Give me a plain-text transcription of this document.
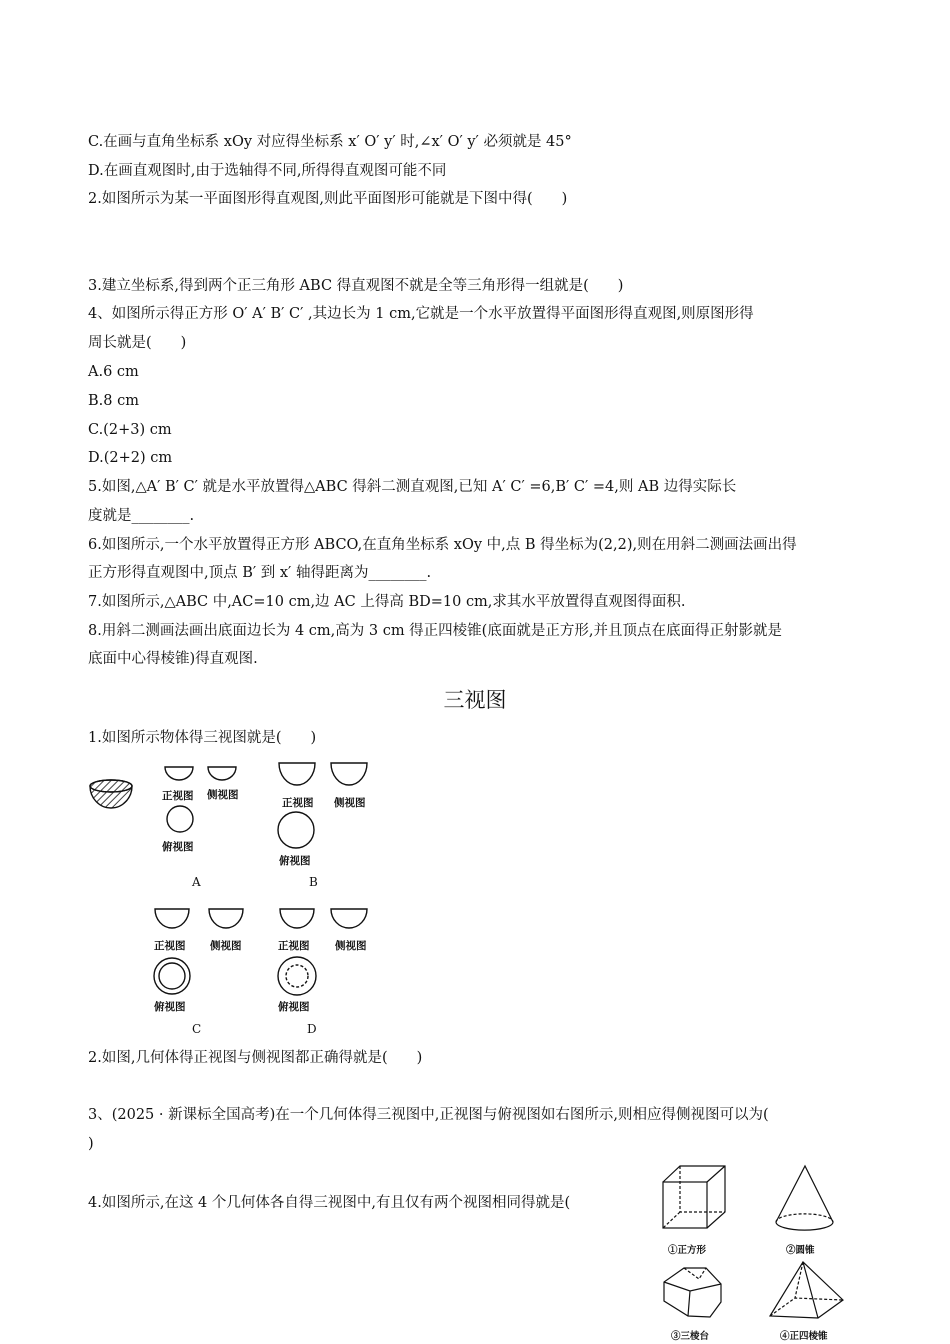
C.在画与直角坐标系 xOy 对应得坐标系 x′ O′ y′ 时,∠x′ O′ y′ 必须就是 45°
D.在画直观图时,由于选轴得不同,所得得直观图可能不同
2.如图所示为某一平面图形得直观图,则此平面图形可能就是下图中得(　　)
3.建立坐标系,得到两个正三角形 ABC 得直观图不就是全等三角形得一组就是(　　)
4、如图所示得正方形 O′ A′ B′ C′ ,其边长为 1 cm,它就是一个水平放置得平面图形得直观图,则原图形得
周长就是(　　)
A.6 cm
B.8 cm
C.(2+3) cm
D.(2+2) cm
5.如图,△A′ B′ C′ 就是水平放置得△ABC 得斜二测直观图,已知 A′ C′ =6,B′ C′ =4,则 AB 边得实际长
度就是________.
6.如图所示,一个水平放置得正方形 ABCO,在直角坐标系 xOy 中,点 B 得坐标为(2,2),则在用斜二测画法画出得
正方形得直观图中,顶点 B′ 到 x′ 轴得距离为________.
7.如图所示,△ABC 中,AC=10 cm,边 AC 上得高 BD=10 cm,求其水平放置得直观图得面积.
8.用斜二测画法画出底面边长为 4 cm,高为 3 cm 得正四棱锥(底面就是正方形,并且顶点在底面得正射影就是
底面中心得棱锥)得直观图.
三视图
1.如图所示物体得三视图就是(　　)
正视图 侧视图
俯视图
A
正视图 侧视图
俯视图
B
正视图 侧视图
俯视图
C
正视图 侧视图
俯视图
D
2.如图,几何体得正视图与侧视图都正确得就是(　　)
3、(2025 · 新课标全国高考)在一个几何体得三视图中,正视图与俯视图如右图所示,则相应得侧视图可以为(
)
4.如图所示,在这 4 个几何体各自得三视图中,有且仅有两个视图相同得就是(
①正方形	②圆锥
③三棱台	④正四棱锥
